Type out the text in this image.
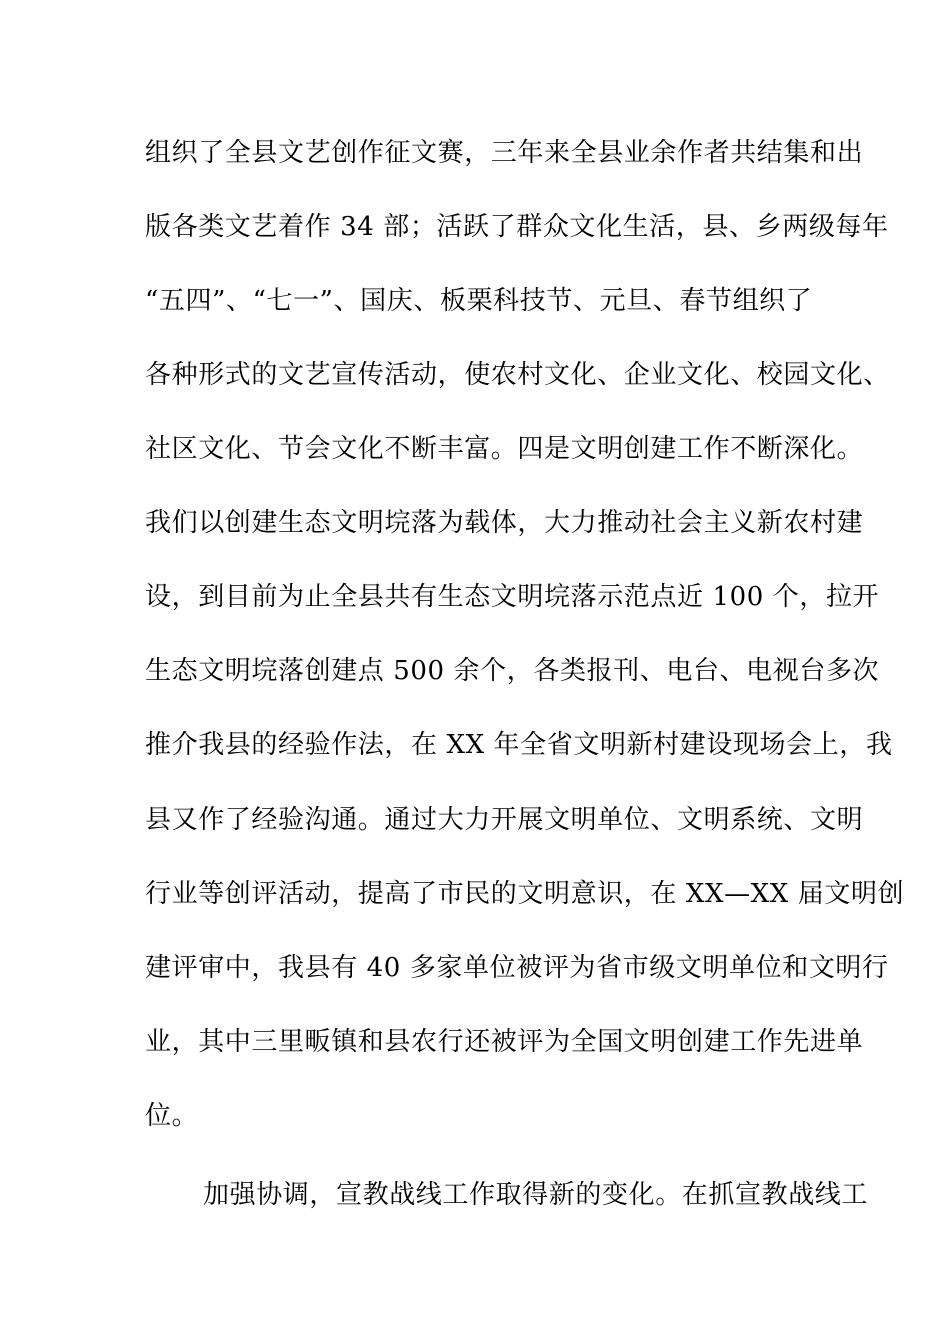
组织了全县文艺创作征文赛，三年来全县业余作者共结集和出
版各类文艺着作 34 部；活跃了群众文化生活，县、乡两级每年
“五四”、“七一”、国庆、板栗科技节、元旦、春节组织了
各种形式的文艺宣传活动，使农村文化、企业文化、校园文化、
社区文化、节会文化不断丰富。四是文明创建工作不断深化。
我们以创建生态文明垸落为载体，大力推动社会主义新农村建
设，到目前为止全县共有生态文明垸落示范点近 100 个，拉开
生态文明垸落创建点 500 余个，各类报刊、电台、电视台多次
推介我县的经验作法，在 XX 年全省文明新村建设现场会上，我
县又作了经验沟通。通过大力开展文明单位、文明系统、文明
行业等创评活动，提高了市民的文明意识，在 XX—XX 届文明创
建评审中，我县有 40 多家单位被评为省市级文明单位和文明行
业，其中三里畈镇和县农行还被评为全国文明创建工作先进单
位。
加强协调，宣教战线工作取得新的变化。在抓宣教战线工
